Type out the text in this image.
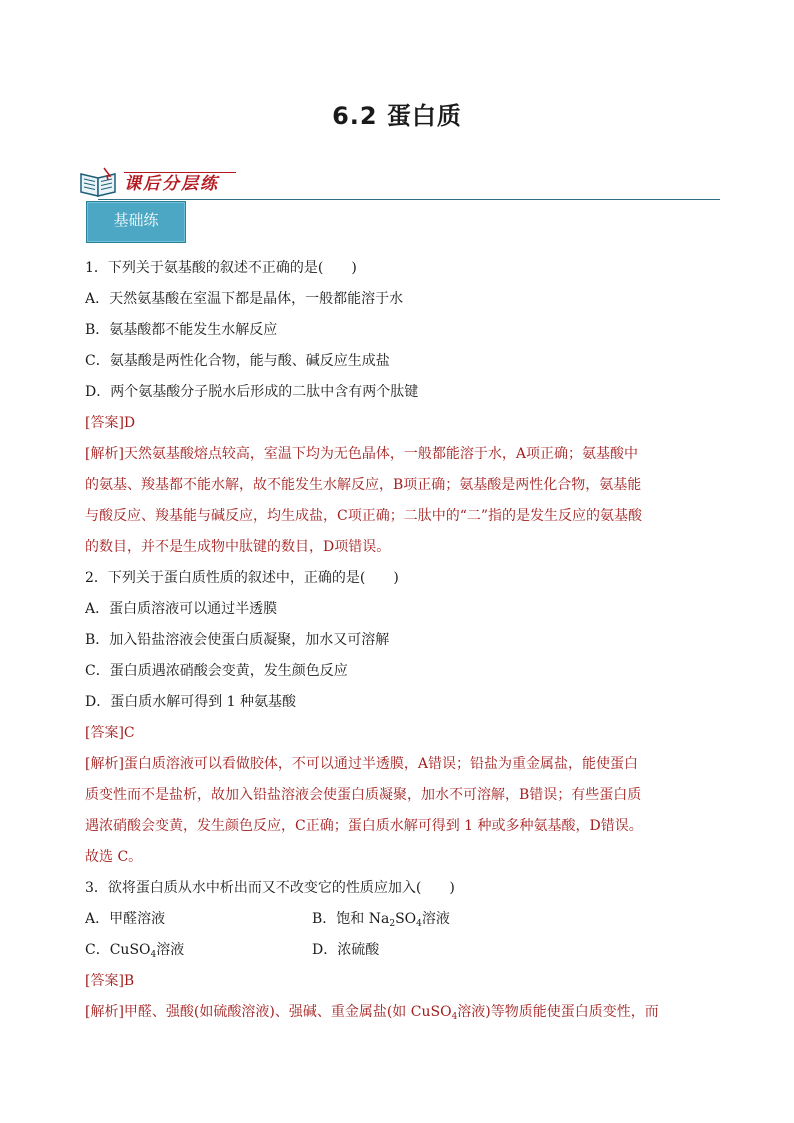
6.2 蛋白质
课后分层练
基础练
1．下列关于氨基酸的叙述不正确的是(　　)
A．天然氨基酸在室温下都是晶体，一般都能溶于水
B．氨基酸都不能发生水解反应
C．氨基酸是两性化合物，能与酸、碱反应生成盐
D．两个氨基酸分子脱水后形成的二肽中含有两个肽键
[答案]D
[解析]天然氨基酸熔点较高，室温下均为无色晶体，一般都能溶于水，A项正确；氨基酸中
的氨基、羧基都不能水解，故不能发生水解反应，B项正确；氨基酸是两性化合物，氨基能
与酸反应、羧基能与碱反应，均生成盐，C项正确；二肽中的“二”指的是发生反应的氨基酸
的数目，并不是生成物中肽键的数目，D项错误。
2．下列关于蛋白质性质的叙述中，正确的是(　　)
A．蛋白质溶液可以通过半透膜
B．加入铅盐溶液会使蛋白质凝聚，加水又可溶解
C．蛋白质遇浓硝酸会变黄，发生颜色反应
D．蛋白质水解可得到 1 种氨基酸
[答案]C
[解析]蛋白质溶液可以看做胶体，不可以通过半透膜，A错误；铅盐为重金属盐，能使蛋白
质变性而不是盐析，故加入铅盐溶液会使蛋白质凝聚，加水不可溶解，B错误；有些蛋白质
遇浓硝酸会变黄，发生颜色反应，C正确；蛋白质水解可得到 1 种或多种氨基酸，D错误。
故选 C。
3．欲将蛋白质从水中析出而又不改变它的性质应加入(　　)
A．甲醛溶液	B．饱和 $Na_2SO_4$溶液
C．CuSO$_4$溶液	D．浓硫酸
[答案]B
[解析]甲醛、强酸(如硫酸溶液)、强碱、重金属盐(如 CuSO$_4$溶液)等物质能使蛋白质变性，而
